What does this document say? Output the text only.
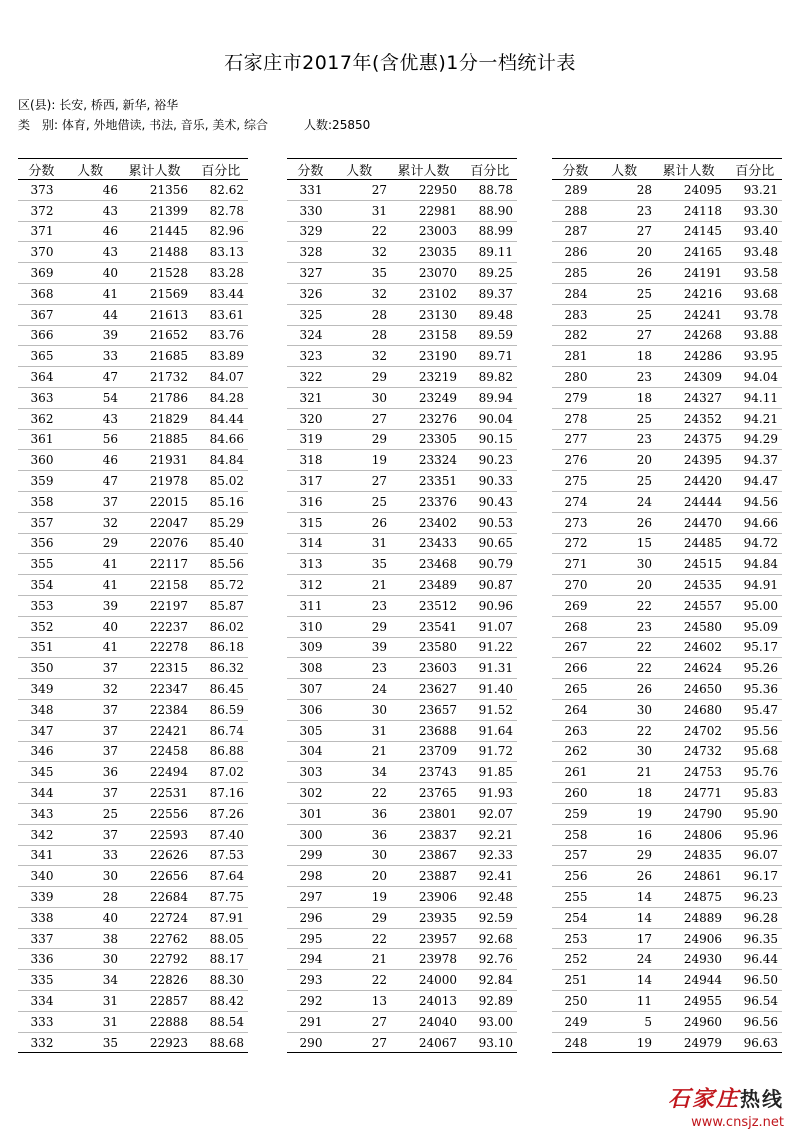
石家庄市2017年(含优惠)1分一档统计表
区(县): 长安, 桥西, 新华, 裕华
类　别: 体育, 外地借读, 书法, 音乐, 美术, 综合	人数:25850
分数	人数	累计人数	百分比
373	46	21356	82.62
372	43	21399	82.78
371	46	21445	82.96
370	43	21488	83.13
369	40	21528	83.28
368	41	21569	83.44
367	44	21613	83.61
366	39	21652	83.76
365	33	21685	83.89
364	47	21732	84.07
363	54	21786	84.28
362	43	21829	84.44
361	56	21885	84.66
360	46	21931	84.84
359	47	21978	85.02
358	37	22015	85.16
357	32	22047	85.29
356	29	22076	85.40
355	41	22117	85.56
354	41	22158	85.72
353	39	22197	85.87
352	40	22237	86.02
351	41	22278	86.18
350	37	22315	86.32
349	32	22347	86.45
348	37	22384	86.59
347	37	22421	86.74
346	37	22458	86.88
345	36	22494	87.02
344	37	22531	87.16
343	25	22556	87.26
342	37	22593	87.40
341	33	22626	87.53
340	30	22656	87.64
339	28	22684	87.75
338	40	22724	87.91
337	38	22762	88.05
336	30	22792	88.17
335	34	22826	88.30
334	31	22857	88.42
333	31	22888	88.54
332	35	22923	88.68
分数	人数	累计人数	百分比
331	27	22950	88.78
330	31	22981	88.90
329	22	23003	88.99
328	32	23035	89.11
327	35	23070	89.25
326	32	23102	89.37
325	28	23130	89.48
324	28	23158	89.59
323	32	23190	89.71
322	29	23219	89.82
321	30	23249	89.94
320	27	23276	90.04
319	29	23305	90.15
318	19	23324	90.23
317	27	23351	90.33
316	25	23376	90.43
315	26	23402	90.53
314	31	23433	90.65
313	35	23468	90.79
312	21	23489	90.87
311	23	23512	90.96
310	29	23541	91.07
309	39	23580	91.22
308	23	23603	91.31
307	24	23627	91.40
306	30	23657	91.52
305	31	23688	91.64
304	21	23709	91.72
303	34	23743	91.85
302	22	23765	91.93
301	36	23801	92.07
300	36	23837	92.21
299	30	23867	92.33
298	20	23887	92.41
297	19	23906	92.48
296	29	23935	92.59
295	22	23957	92.68
294	21	23978	92.76
293	22	24000	92.84
292	13	24013	92.89
291	27	24040	93.00
290	27	24067	93.10
分数	人数	累计人数	百分比
289	28	24095	93.21
288	23	24118	93.30
287	27	24145	93.40
286	20	24165	93.48
285	26	24191	93.58
284	25	24216	93.68
283	25	24241	93.78
282	27	24268	93.88
281	18	24286	93.95
280	23	24309	94.04
279	18	24327	94.11
278	25	24352	94.21
277	23	24375	94.29
276	20	24395	94.37
275	25	24420	94.47
274	24	24444	94.56
273	26	24470	94.66
272	15	24485	94.72
271	30	24515	94.84
270	20	24535	94.91
269	22	24557	95.00
268	23	24580	95.09
267	22	24602	95.17
266	22	24624	95.26
265	26	24650	95.36
264	30	24680	95.47
263	22	24702	95.56
262	30	24732	95.68
261	21	24753	95.76
260	18	24771	95.83
259	19	24790	95.90
258	16	24806	95.96
257	29	24835	96.07
256	26	24861	96.17
255	14	24875	96.23
254	14	24889	96.28
253	17	24906	96.35
252	24	24930	96.44
251	14	24944	96.50
250	11	24955	96.54
249	5	24960	96.56
248	19	24979	96.63
石家庄热线
www.cnsjz.net
